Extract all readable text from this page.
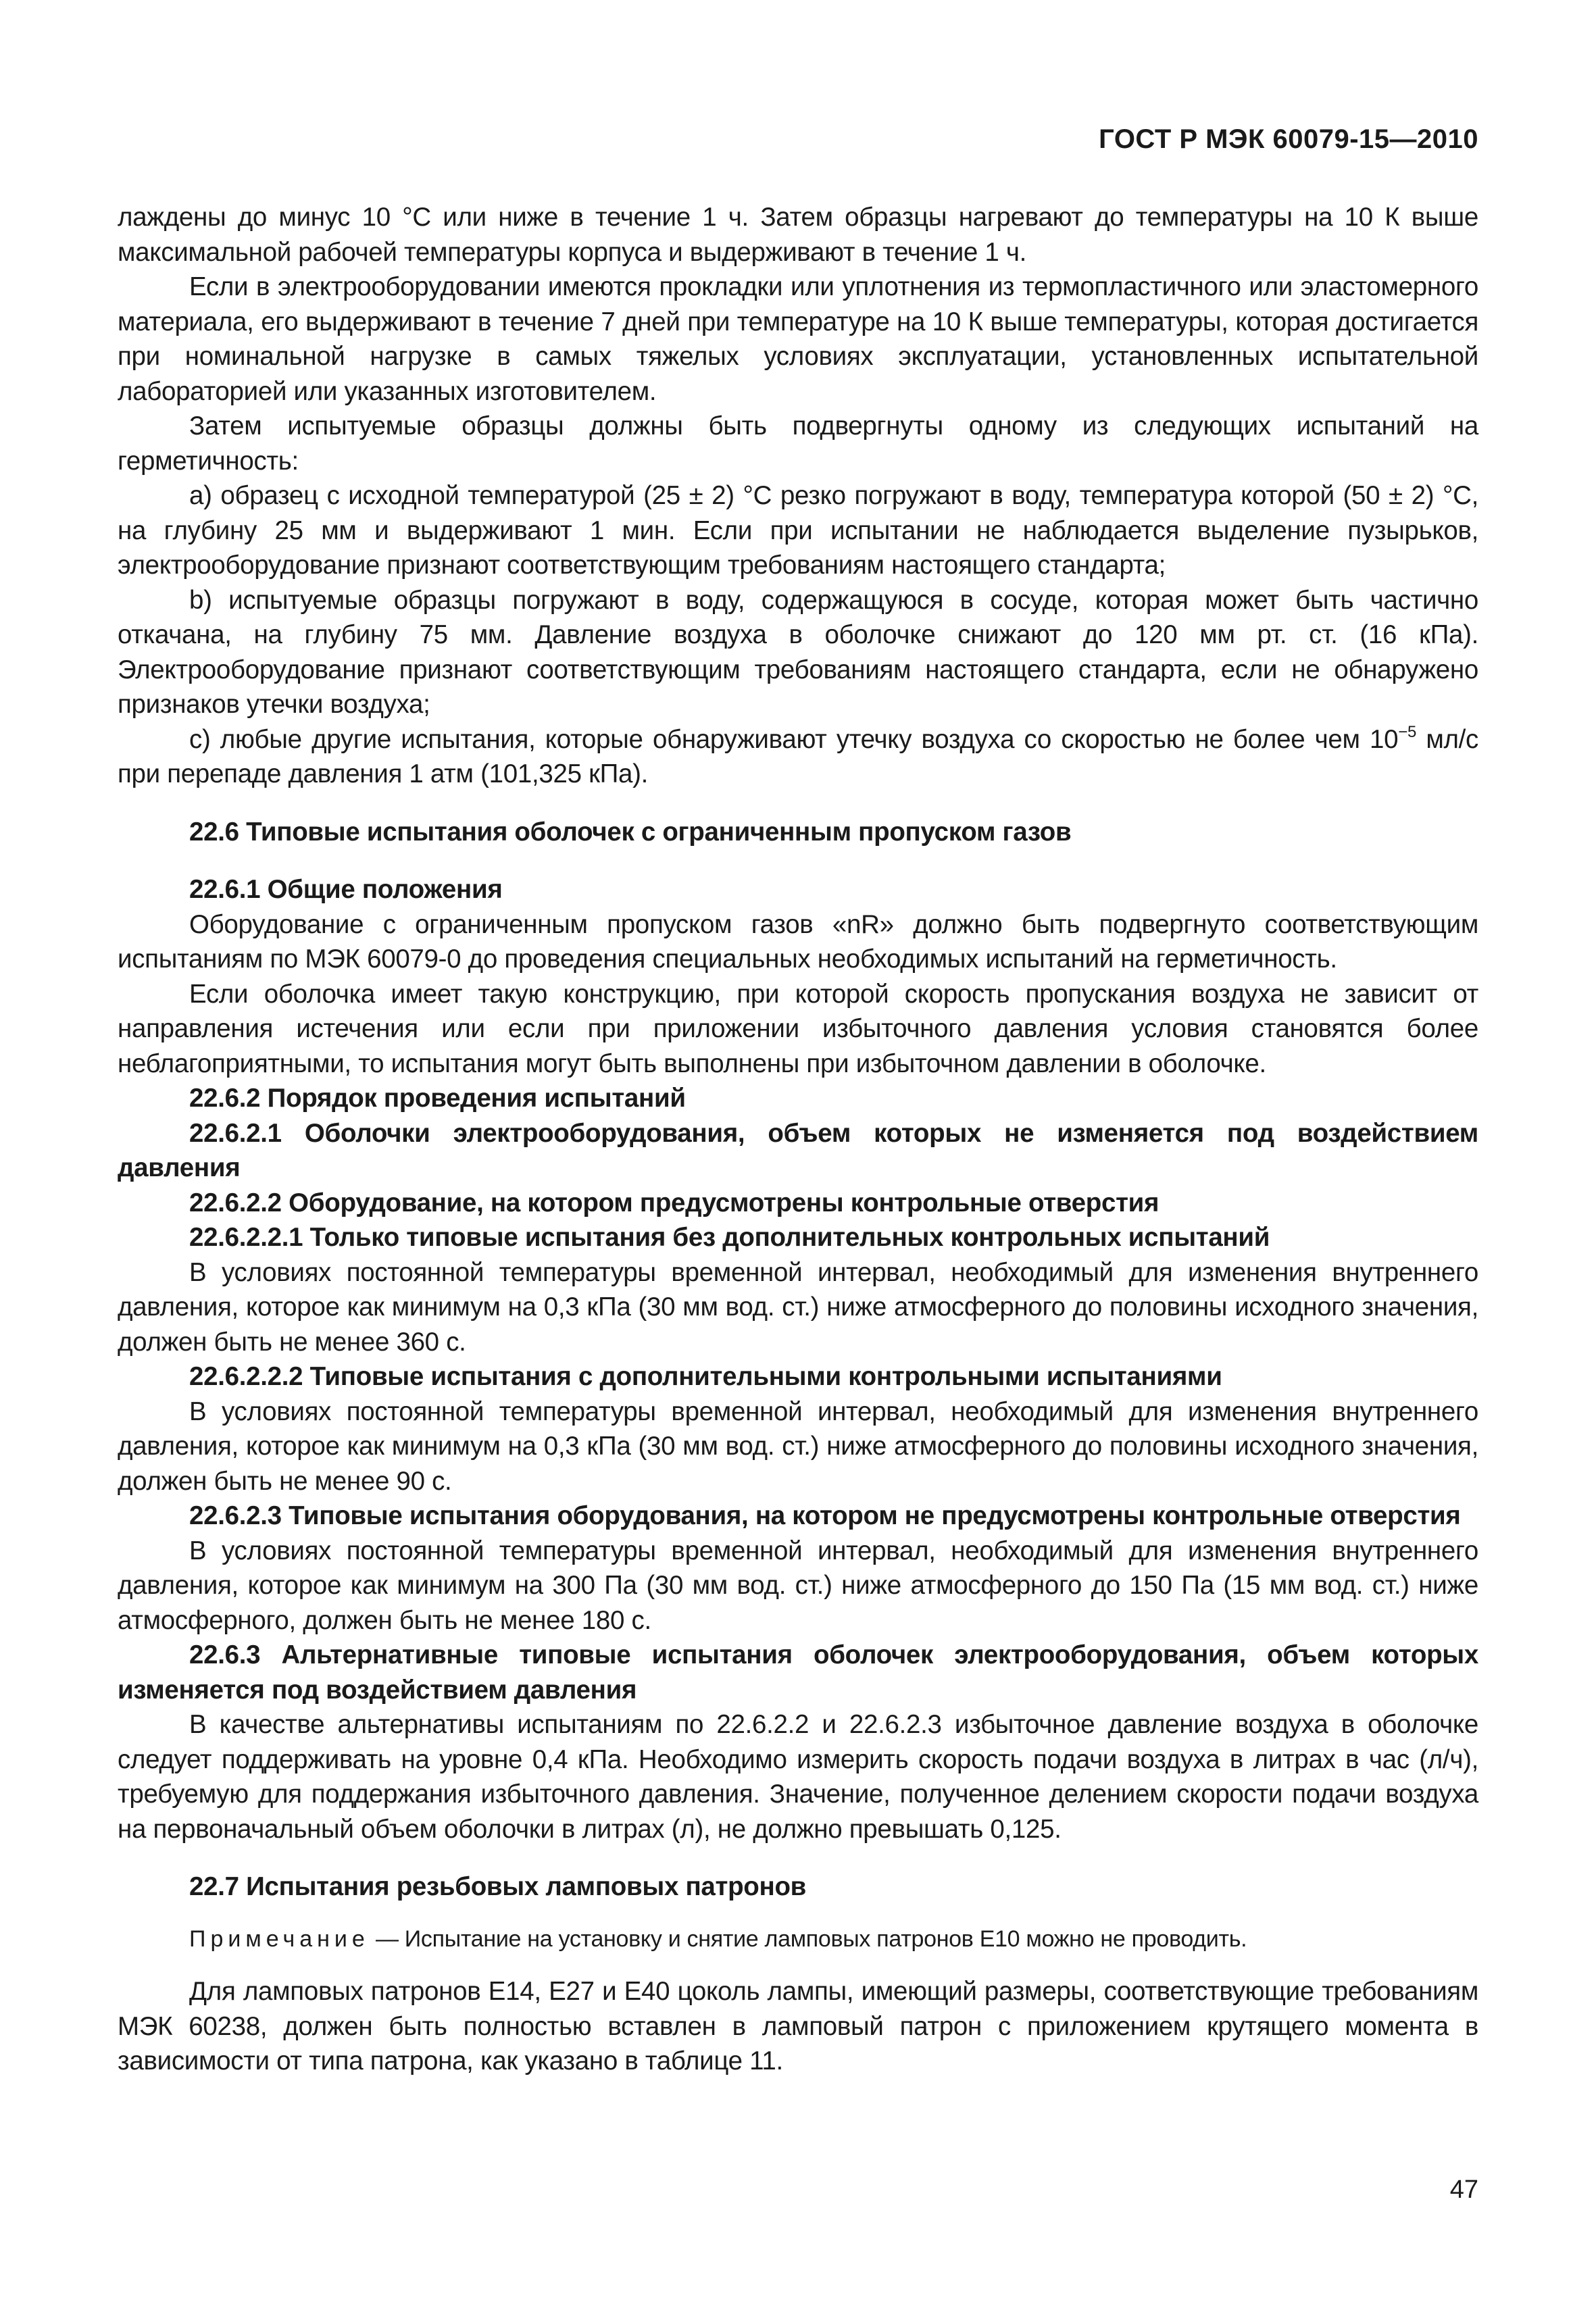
ГОСТ Р МЭК 60079-15—2010

лаждены до минус 10 °С или ниже в течение 1 ч. Затем образцы нагревают до температуры на 10 К выше максимальной рабочей температуры корпуса и выдерживают в течение 1 ч.

Если в электрооборудовании имеются прокладки или уплотнения из термопластичного или эластомерного материала, его выдерживают в течение 7 дней при температуре на 10 К выше температуры, которая достигается при номинальной нагрузке в самых тяжелых условиях эксплуатации, установленных испытательной лабораторией или указанных изготовителем.

Затем испытуемые образцы должны быть подвергнуты одному из следующих испытаний на герметичность:

a) образец с исходной температурой (25 ± 2) °С резко погружают в воду, температура которой (50 ± 2) °С, на глубину 25 мм и выдерживают 1 мин. Если при испытании не наблюдается выделение пузырьков, электрооборудование признают соответствующим требованиям настоящего стандарта;

b) испытуемые образцы погружают в воду, содержащуюся в сосуде, которая может быть частично откачана, на глубину 75 мм. Давление воздуха в оболочке снижают до 120 мм рт. ст. (16 кПа). Электрооборудование признают соответствующим требованиям настоящего стандарта, если не обнаружено признаков утечки воздуха;

c) любые другие испытания, которые обнаруживают утечку воздуха со скоростью не более чем $10^{-5}$ мл/с при перепаде давления 1 атм (101,325 кПа).

22.6 Типовые испытания оболочек с ограниченным пропуском газов

22.6.1 Общие положения

Оборудование с ограниченным пропуском газов «nR» должно быть подвергнуто соответствующим испытаниям по МЭК 60079-0 до проведения специальных необходимых испытаний на герметичность.

Если оболочка имеет такую конструкцию, при которой скорость пропускания воздуха не зависит от направления истечения или если при приложении избыточного давления условия становятся более неблагоприятными, то испытания могут быть выполнены при избыточном давлении в оболочке.

22.6.2 Порядок проведения испытаний

22.6.2.1 Оболочки электрооборудования, объем которых не изменяется под воздействием давления

22.6.2.2 Оборудование, на котором предусмотрены контрольные отверстия

22.6.2.2.1 Только типовые испытания без дополнительных контрольных испытаний

В условиях постоянной температуры временной интервал, необходимый для изменения внутреннего давления, которое как минимум на 0,3 кПа (30 мм вод. ст.) ниже атмосферного до половины исходного значения, должен быть не менее 360 с.

22.6.2.2.2 Типовые испытания с дополнительными контрольными испытаниями

В условиях постоянной температуры временной интервал, необходимый для изменения внутреннего давления, которое как минимум на 0,3 кПа (30 мм вод. ст.) ниже атмосферного до половины исходного значения, должен быть не менее 90 с.

22.6.2.3 Типовые испытания оборудования, на котором не предусмотрены контрольные отверстия

В условиях постоянной температуры временной интервал, необходимый для изменения внутреннего давления, которое как минимум на 300 Па (30 мм вод. ст.) ниже атмосферного до 150 Па (15 мм вод. ст.) ниже атмосферного, должен быть не менее 180 с.

22.6.3 Альтернативные типовые испытания оболочек электрооборудования, объем которых изменяется под воздействием давления

В качестве альтернативы испытаниям по 22.6.2.2 и 22.6.2.3 избыточное давление воздуха в оболочке следует поддерживать на уровне 0,4 кПа. Необходимо измерить скорость подачи воздуха в литрах в час (л/ч), требуемую для поддержания избыточного давления. Значение, полученное делением скорости подачи воздуха на первоначальный объем оболочки в литрах (л), не должно превышать 0,125.

22.7 Испытания резьбовых ламповых патронов

Примечание — Испытание на установку и снятие ламповых патронов Е10 можно не проводить.

Для ламповых патронов Е14, Е27 и Е40 цоколь лампы, имеющий размеры, соответствующие требованиям МЭК 60238, должен быть полностью вставлен в ламповый патрон с приложением крутящего момента в зависимости от типа патрона, как указано в таблице 11.

47
